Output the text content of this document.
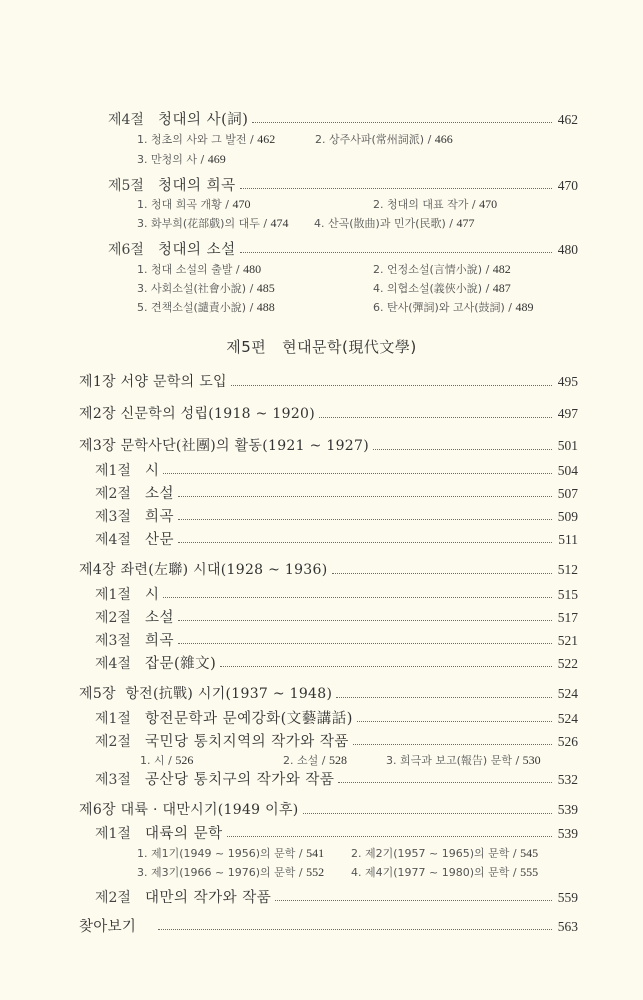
제4절 청대의 사(詞)	462
1. 청초의 사와 그 발전 / 462	2. 상주사파(常州詞派) / 466
3. 만청의 사 / 469
제5절 청대의 희곡	470
1. 청대 희곡 개황 / 470	2. 청대의 대표 작가 / 470
3. 화부희(花部戲)의 대두 / 474 4. 산곡(散曲)과 민가(民歌) / 477
제6절 청대의 소설	480
1. 청대 소설의 출발 / 480	2. 언정소설(言情小說) / 482
3. 사회소설(社會小說) / 485	4. 의협소설(義俠小說) / 487
5. 견책소설(譴責小說) / 488	6. 탄사(彈詞)와 고사(鼓詞) / 489
제5편   현대문학(現代文學)
제1장 서양 문학의 도입	495
제2장 신문학의 성립(1918 ~ 1920)	497
제3장 문학사단(社團)의 활동(1921 ~ 1927)	501
제1절 시	504
제2절 소설	507
제3절 희곡	509
제4절 산문	511
제4장 좌련(左聯) 시대(1928 ~ 1936)	512
제1절 시	515
제2절 소설	517
제3절 희곡	521
제4절 잡문(雜文)	522
제5장  항전(抗戰) 시기(1937 ~ 1948)	524
제1절 항전문학과 문예강화(文藝講話)	524
제2절 국민당 통치지역의 작가와 작품	526
1. 시 / 526	2. 소설 / 528	3. 희극과 보고(報告) 문학 / 530
제3절 공산당 통치구의 작가와 작품	532
제6장 대륙 · 대만시기(1949 이후)	539
제1절 대륙의 문학	539
1. 제1기(1949 ~ 1956)의 문학 / 541 2. 제2기(1957 ~ 1965)의 문학 / 545
3. 제3기(1966 ~ 1976)의 문학 / 552 4. 제4기(1977 ~ 1980)의 문학 / 555
제2절 대만의 작가와 작품	559
찾아보기	563
